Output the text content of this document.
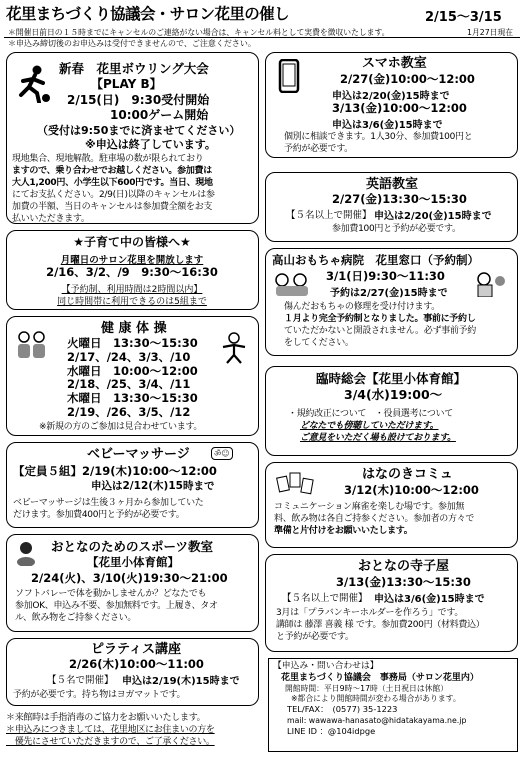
花里まちづくり協議会・サロン花里の催し	2/15～3/15
＊開催日前日の１５時までにキャンセルのご連絡がない場合は、キャンセル料として実費を徴収いたします。	1月27日現在
＊申込み締切後のお申込みは受付できませんので、ご注意ください。
新春　花里ボウリング大会
【PLAY B】
2/15(日)　9:30受付開始
10:00ゲーム開始
（受付は9:50までに済ませてください）
※申込は終了しています。
現地集合、現地解散。駐車場の数が限られており
ますので、乗り合わせでお越しください。参加費は
大人1,200円、小学生以下600円です。当日、現地
にてお支払ください。2/9(日)以降のキャンセルは参
加費の半額、当日のキャンセルは参加費全額をお支
払いいただきます。
★子育て中の皆様へ★
月曜日のサロン花里を開放します
2/16、3/2、/9　9:30～16:30
【予約制、利用時間は2時間以内】
同じ時間帯に利用できるのは5組まで
健 康 体 操
火曜日　13:30～15:30
2/17、/24、3/3、/10
水曜日　10:00～12:00
2/18、/25、3/4、/11
木曜日　13:30～15:30
2/19、/26、3/5、/12
※新規の方のご参加は見合わせています。
ベビーマッサージ	ॐ☺
【定員５組】2/19(木)10:00～12:00
申込は2/12(木)15時まで
ベビーマッサージは生後３ヶ月から参加していた
だけます。参加費400円と予約が必要です。
おとなのためのスポーツ教室
【花里小体育館】
2/24(火)、3/10(火)19:30～21:00
ソフトバレーで体を動かしませんか？どなたでも
参加OK、申込み不要、参加無料です。上履き、タオ
ル、飲み物をご持参ください。
ピラティス講座
2/26(木)10:00～11:00
【５名で開催】 申込は2/19(木)15時まで
予約が必要です。持ち物はヨガマットです。
＊来館時は手指消毒のご協力をお願いいたします。
＊申込みにつきましては、花里地区にお住まいの方を
　優先にさせていただきますので、ご了承ください。
スマホ教室
2/27(金)10:00～12:00
申込は2/20(金)15時まで
3/13(金)10:00～12:00
申込は3/6(金)15時まで
個別に相談できます。1人30分、参加費100円と
予約が必要です。
英語教室
2/27(金)13:30～15:30
【５名以上で開催】 申込は2/20(金)15時まで
参加費100円と予約が必要です。
高山おもちゃ病院　花里窓口（予約制）
3/1(日)9:30～11:30
予約は2/27(金)15時まで
傷んだおもちゃの修理を受け付けます。
１月より完全予約制となりました。事前に予約し
ていただかないと開設されません。必ず事前予約
をしてください。
臨時総会【花里小体育館】
3/4(水)19:00～
・規約改正について　・役員選考について
どなたでも傍聴していただけます。
ご意見をいただく場も設けております。
はなのきコミュ
3/12(木)10:00～12:00
コミュニケーション麻雀を楽しむ場です。参加無
料、飲み物は各自ご持参ください。参加者の方々で
準備と片付けをお願いいたします。
おとなの寺子屋
3/13(金)13:30～15:30
【５名以上で開催】 申込は3/6(金)15時まで
3月は「プラバンキーホルダーを作ろう」です。
講師は 藤澤 喜義 様 です。参加費200円（材料費込）
と予約が必要です。
【申込み・問い合わせは】
花里まちづくり協議会　事務局（サロン花里内）
開館時間：平日9時～17時（土日祝日は休館）
※都合により開館時間が変わる場合があります。
TEL/FAX：　(0577) 35-1223
mail: wawawa-hanasato@hidatakayama.ne.jp
LINE ID ：@104idpge
